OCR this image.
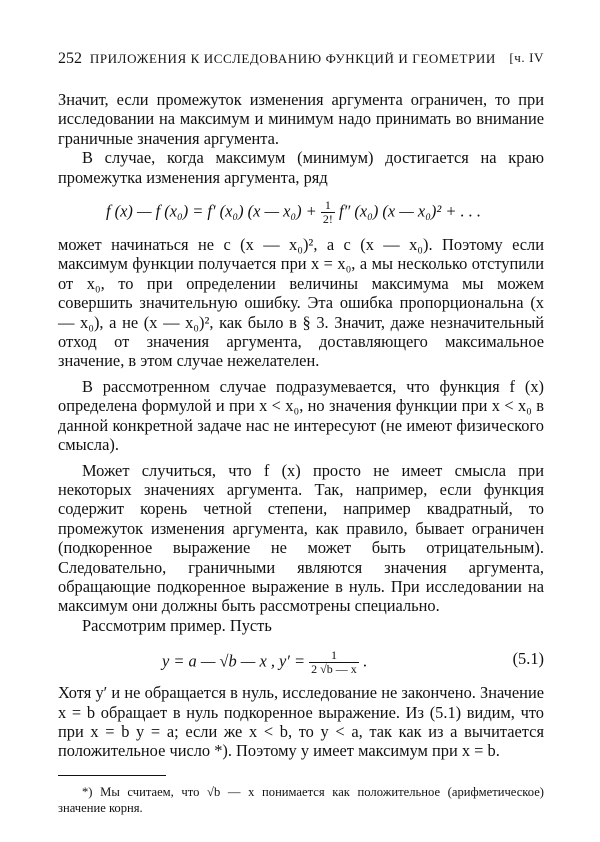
252 ПРИЛОЖЕНИЯ К ИССЛЕДОВАНИЮ ФУНКЦИЙ И ГЕОМЕТРИИ [ч. IV

Значит, если промежуток изменения аргумента ограничен, то при исследовании на максимум и минимум надо принимать во внимание граничные значения аргумента.

В случае, когда максимум (минимум) достигается на краю промежутка изменения аргумента, ряд

f (x) — f (x₀) = f′ (x₀) (x — $x_0) + \frac{1}{2!} f''$ (x₀) (x — x₀)² + . . .

может начинаться не с (x — x₀)², а с (x — x₀). Поэтому если максимум функции получается при x = x₀, а мы несколько отступили от x₀, то при определении величины максимума мы можем совершить значительную ошибку. Эта ошибка пропорциональна (x — x₀), а не (x — x₀)², как было в § 3. Значит, даже незначительный отход от значения аргумента, доставляющего максимальное значение, в этом случае нежелателен.

В рассмотренном случае подразумевается, что функция f (x) определена формулой и при x < x₀, но значения функции при x < x₀ в данной конкретной задаче нас не интересуют (не имеют физического смысла).

Может случиться, что f (x) просто не имеет смысла при некоторых значениях аргумента. Так, например, если функция содержит корень четной степени, например квадратный, то промежуток изменения аргумента, как правило, бывает ограничен (подкоренное выражение не может быть отрицательным). Следовательно, граничными являются значения аргумента, обращающие подкоренное выражение в нуль. При исследовании на максимум они должны быть рассмотрены специально.

Рассмотрим пример. Пусть

y = a — √b — x , $y' = \frac{1}{2 √b — x}$ .	(5.1)

Хотя y′ и не обращается в нуль, исследование не закончено. Значение x = b обращает в нуль подкоренное выражение. Из (5.1) видим, что при x = b y = a; если же x < b, то y < a, так как из a вычитается положительное число *). Поэтому y имеет максимум при x = b.

*) Мы считаем, что √b — x понимается как положительное (арифметическое) значение корня.
